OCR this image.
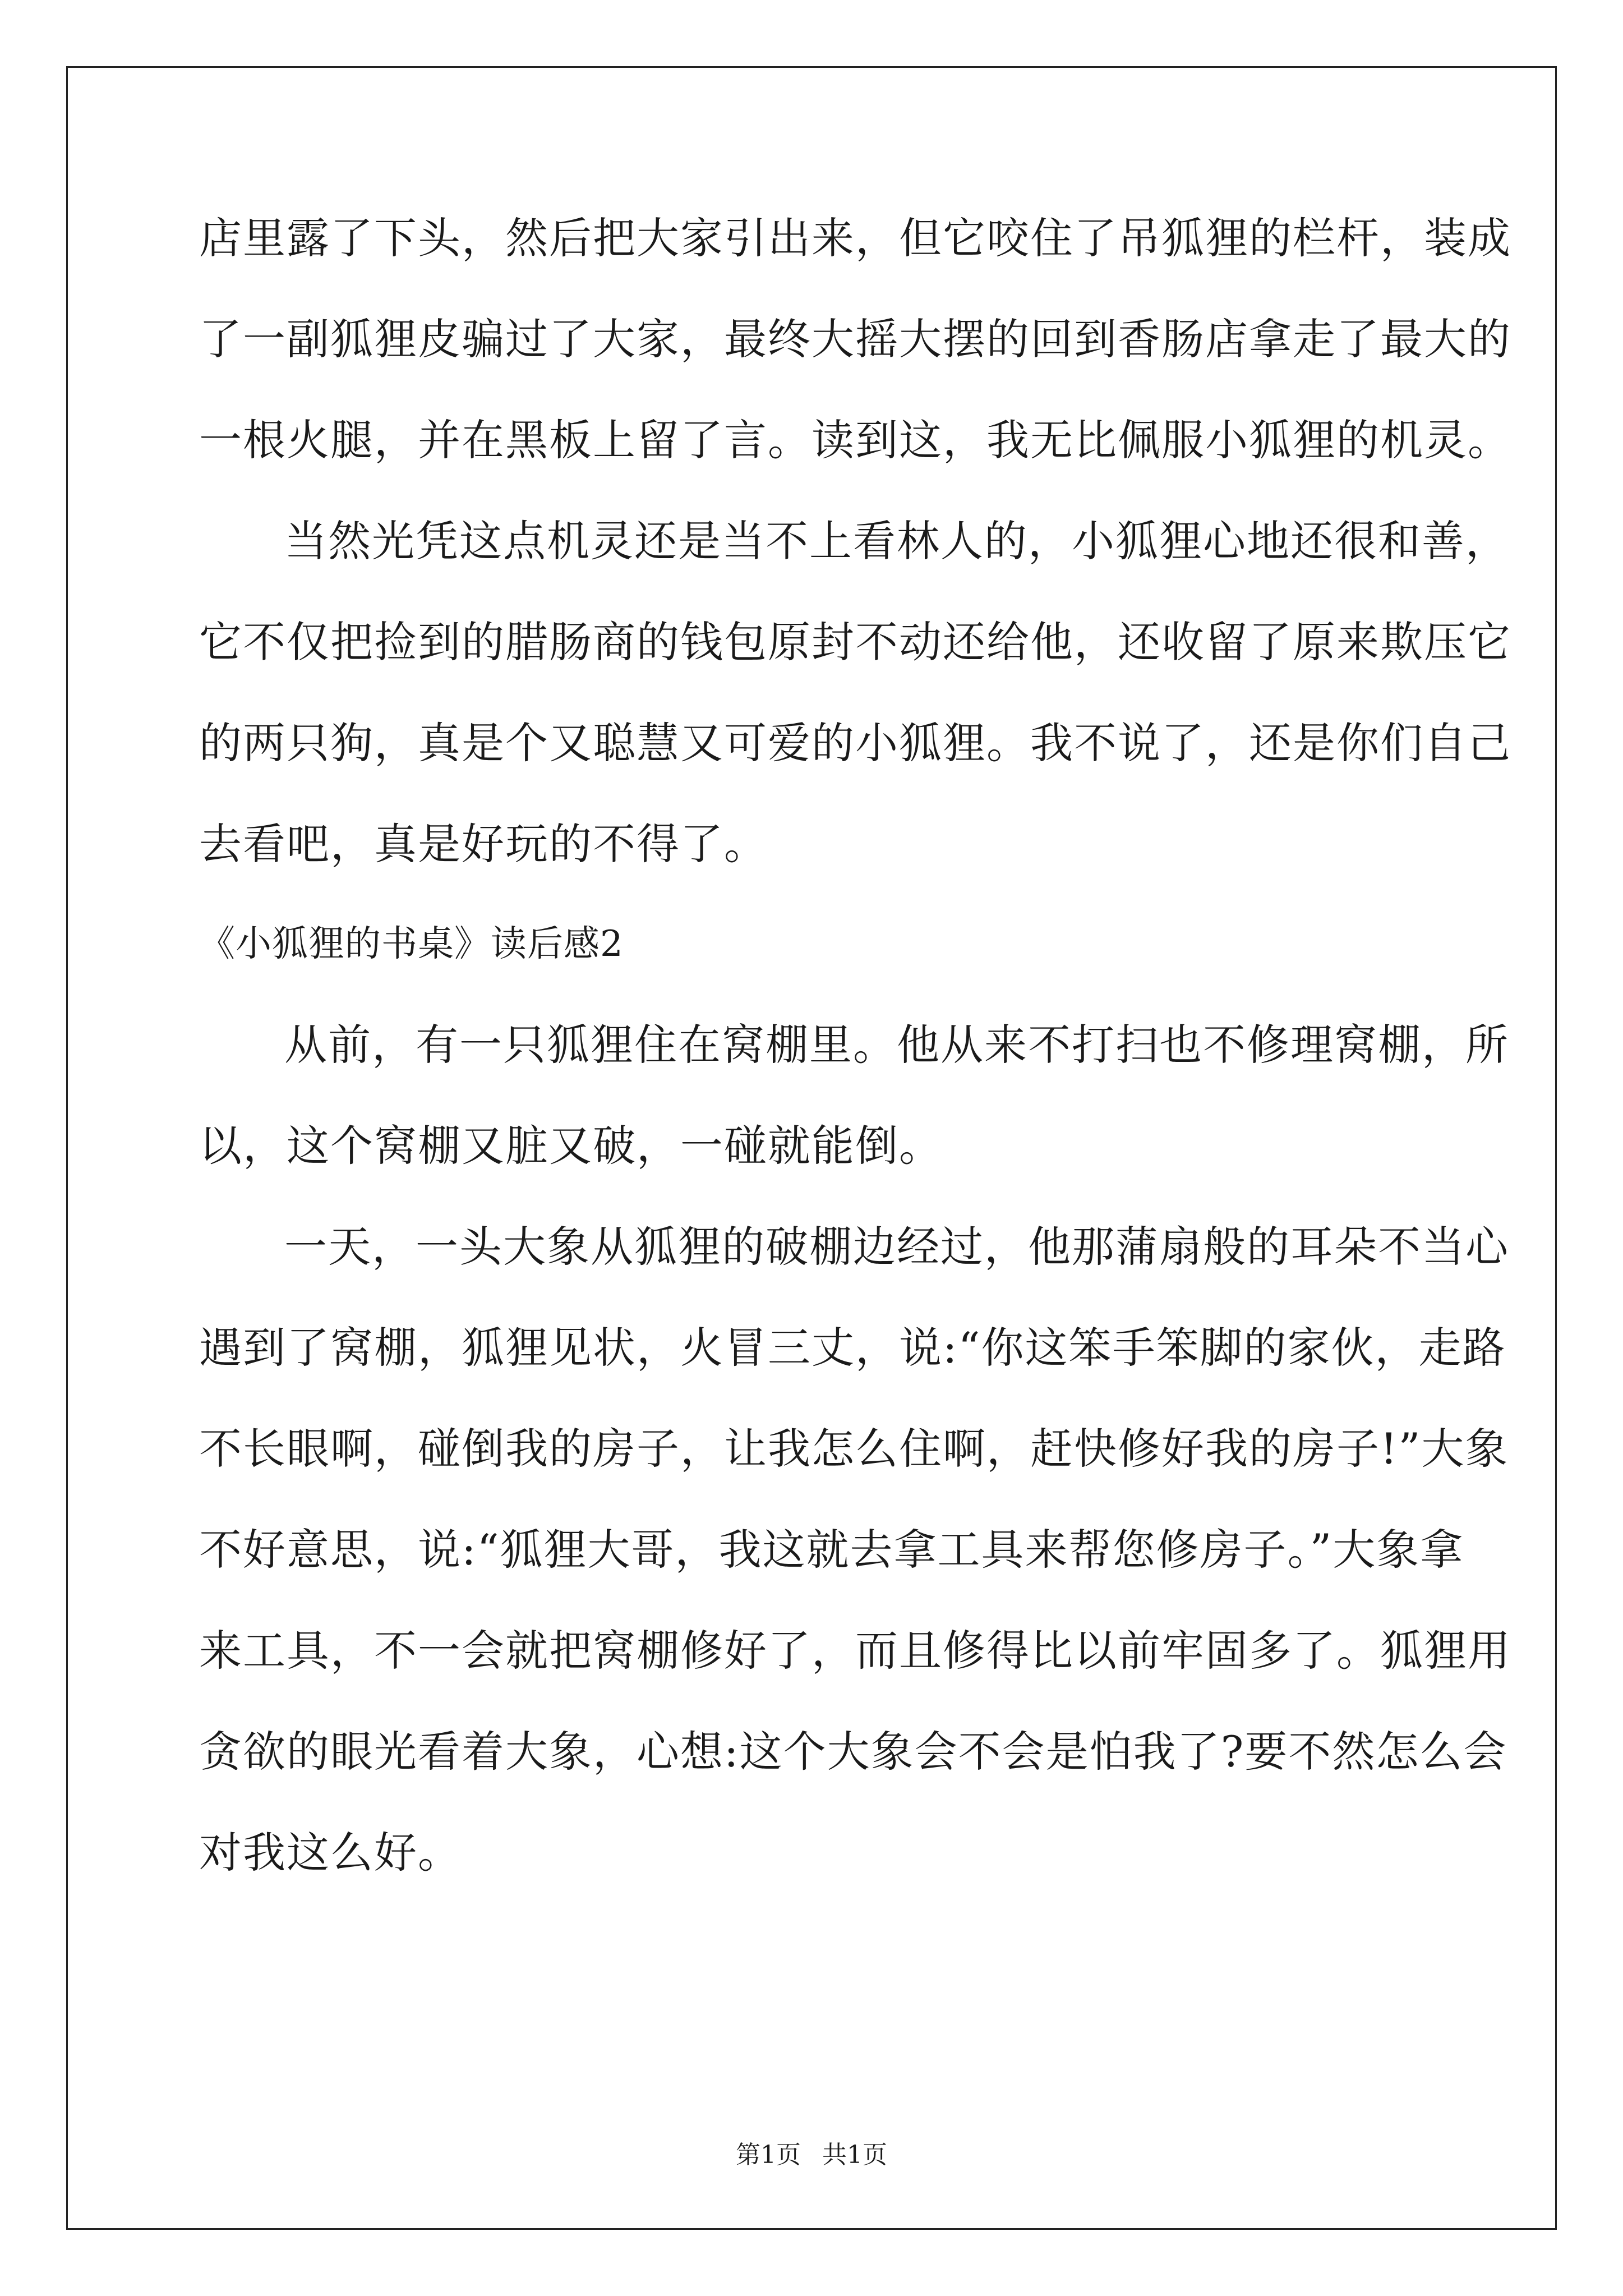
店里露了下头，然后把大家引出来，但它咬住了吊狐狸的栏杆，装成
了一副狐狸皮骗过了大家，最终大摇大摆的回到香肠店拿走了最大的
一根火腿，并在黑板上留了言。读到这，我无比佩服小狐狸的机灵。
当然光凭这点机灵还是当不上看林人的，小狐狸心地还很和善，
它不仅把捡到的腊肠商的钱包原封不动还给他，还收留了原来欺压它
的两只狗，真是个又聪慧又可爱的小狐狸。我不说了，还是你们自己
去看吧，真是好玩的不得了。
《小狐狸的书桌》读后感2
从前，有一只狐狸住在窝棚里。他从来不打扫也不修理窝棚，所
以，这个窝棚又脏又破，一碰就能倒。
一天，一头大象从狐狸的破棚边经过，他那蒲扇般的耳朵不当心
遇到了窝棚，狐狸见状，火冒三丈，说:“你这笨手笨脚的家伙，走路
不长眼啊，碰倒我的房子，让我怎么住啊，赶快修好我的房子!”大象
不好意思，说:“狐狸大哥，我这就去拿工具来帮您修房子。”大象拿
来工具，不一会就把窝棚修好了，而且修得比以前牢固多了。狐狸用
贪欲的眼光看着大象，心想:这个大象会不会是怕我了?要不然怎么会
对我这么好。
第1页 共1页
